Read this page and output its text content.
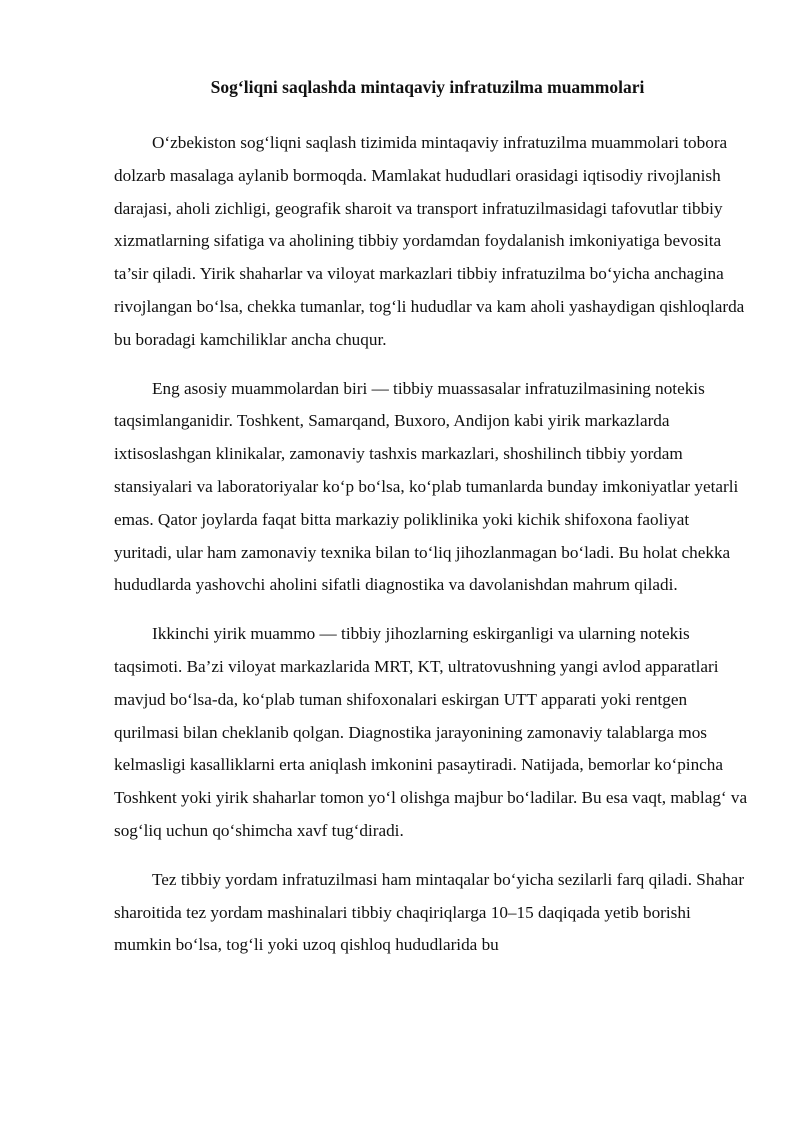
Sog‘liqni saqlashda mintaqaviy infratuzilma muammolari

O‘zbekiston sog‘liqni saqlash tizimida mintaqaviy infratuzilma muammolari tobora dolzarb masalaga aylanib bormoqda. Mamlakat hududlari orasidagi iqtisodiy rivojlanish darajasi, aholi zichligi, geografik sharoit va transport infratuzilmasidagi tafovutlar tibbiy xizmatlarning sifatiga va aholining tibbiy yordamdan foydalanish imkoniyatiga bevosita ta’sir qiladi. Yirik shaharlar va viloyat markazlari tibbiy infratuzilma bo‘yicha anchagina rivojlangan bo‘lsa, chekka tumanlar, tog‘li hududlar va kam aholi yashaydigan qishloqlarda bu boradagi kamchiliklar ancha chuqur.

Eng asosiy muammolardan biri — tibbiy muassasalar infratuzilmasining notekis taqsimlanganidir. Toshkent, Samarqand, Buxoro, Andijon kabi yirik markazlarda ixtisoslashgan klinikalar, zamonaviy tashxis markazlari, shoshilinch tibbiy yordam stansiyalari va laboratoriyalar ko‘p bo‘lsa, ko‘plab tumanlarda bunday imkoniyatlar yetarli emas. Qator joylarda faqat bitta markaziy poliklinika yoki kichik shifoxona faoliyat yuritadi, ular ham zamonaviy texnika bilan to‘liq jihozlanmagan bo‘ladi. Bu holat chekka hududlarda yashovchi aholini sifatli diagnostika va davolanishdan mahrum qiladi.

Ikkinchi yirik muammo — tibbiy jihozlarning eskirganligi va ularning notekis taqsimoti. Ba’zi viloyat markazlarida MRT, KT, ultratovushning yangi avlod apparatlari mavjud bo‘lsa-da, ko‘plab tuman shifoxonalari eskirgan UTT apparati yoki rentgen qurilmasi bilan cheklanib qolgan. Diagnostika jarayonining zamonaviy talablarga mos kelmasligi kasalliklarni erta aniqlash imkonini pasaytiradi. Natijada, bemorlar ko‘pincha Toshkent yoki yirik shaharlar tomon yo‘l olishga majbur bo‘ladilar. Bu esa vaqt, mablag‘ va sog‘liq uchun qo‘shimcha xavf tug‘diradi.

Tez tibbiy yordam infratuzilmasi ham mintaqalar bo‘yicha sezilarli farq qiladi. Shahar sharoitida tez yordam mashinalari tibbiy chaqiriqlarga 10–15 daqiqada yetib borishi mumkin bo‘lsa, tog‘li yoki uzoq qishloq hududlarida bu
